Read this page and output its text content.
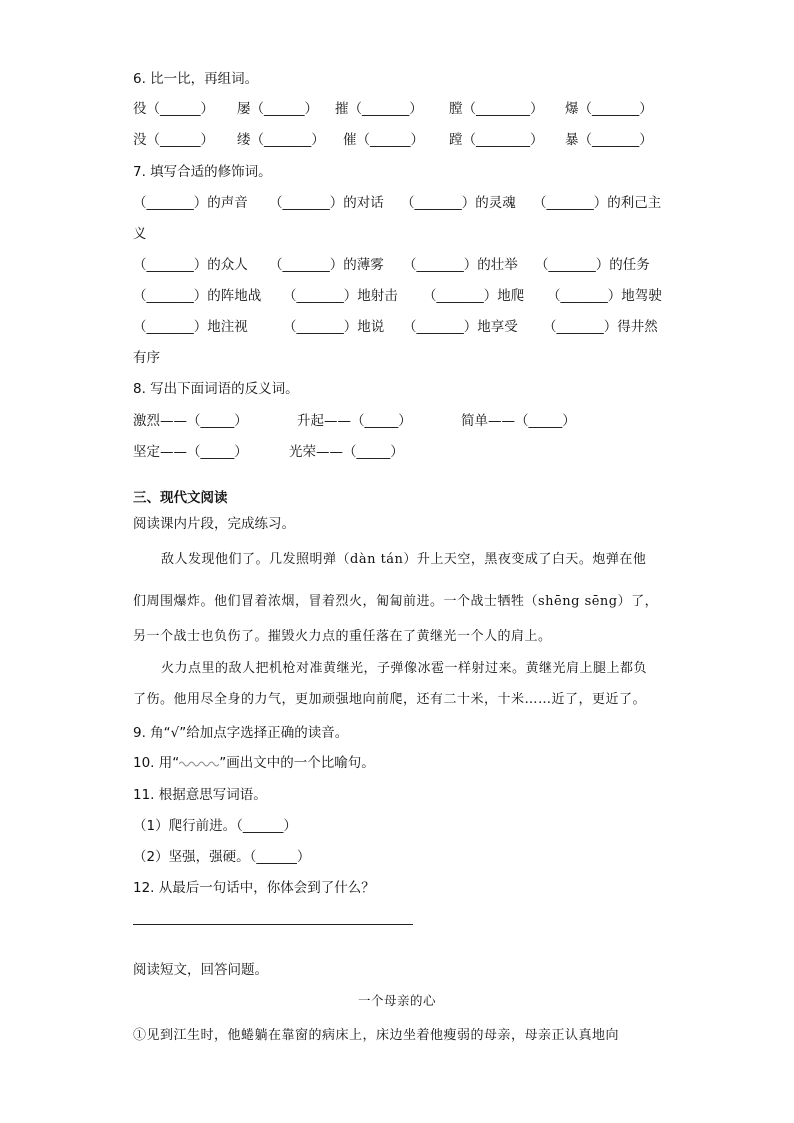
6. 比一比，再组词。
役（______） 屡（______） 摧（_______） 膛（________） 爆（_______）
没（______） 缕（_______） 催（______） 蹚（________） 暴（_______）
7. 填写合适的修饰词。
（_______）的声音 （_______）的对话 （_______）的灵魂 （_______）的利己主
义
（_______）的众人 （_______）的薄雾 （_______）的壮举 （_______）的任务
（_______）的阵地战 （_______）地射击 （_______）地爬 （_______）地驾驶
（_______）地注视	（_______）地说 （_______）地享受 （_______）得井然
有序
8. 写出下面词语的反义词。
激烈——（_____）	升起——（_____）	简单——（_____）
坚定——（_____）	光荣——（_____）
三、现代文阅读
阅读课内片段，完成练习。
敌人发现他们了。几发照明弹（dàn tán）升上天空，黑夜变成了白天。炮弹在他
们周围爆炸。他们冒着浓烟，冒着烈火，匍匐前进。一个战士牺牲（shēng sēng）了，
另一个战士也负伤了。摧毁火力点的重任落在了黄继光一个人的肩上。
火力点里的敌人把机枪对准黄继光，子弹像冰雹一样射过来。黄继光肩上腿上都负
了伤。他用尽全身的力气，更加顽强地向前爬，还有二十米，十米……近了，更近了。
9. 角“√”给加点字选择正确的读音。
10. 用“	”画出文中的一个比喻句。
11. 根据意思写词语。
（1）爬行前进。（______）
（2）坚强，强硬。（______）
12. 从最后一句话中，你体会到了什么？
阅读短文，回答问题。
一个母亲的心
①见到江生时，他蜷躺在靠窗的病床上，床边坐着他瘦弱的母亲，母亲正认真地向
